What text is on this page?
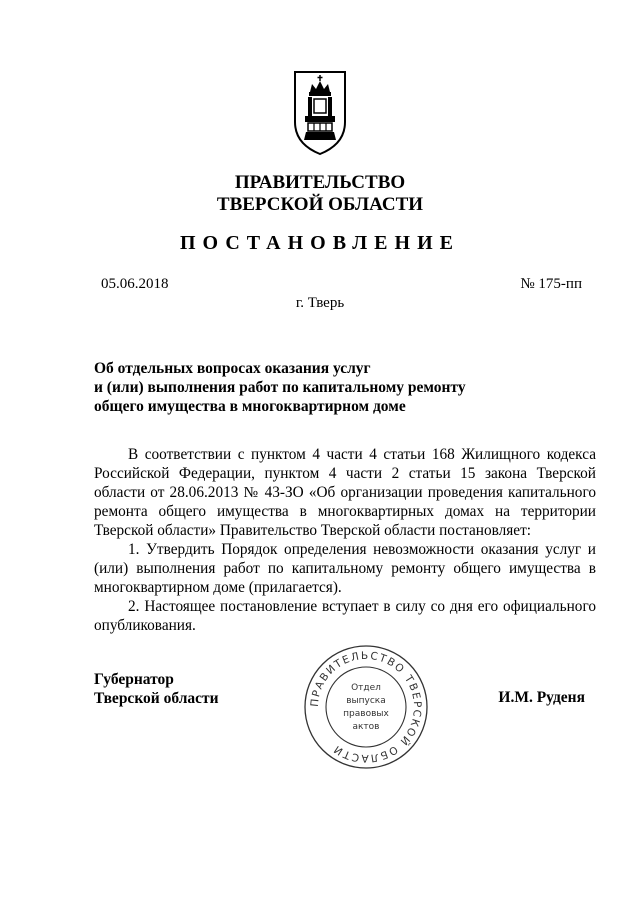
ПРАВИТЕЛЬСТВО
ТВЕРСКОЙ ОБЛАСТИ
ПОСТАНОВЛЕНИЕ
05.06.2018	№ 175-пп
г. Тверь
Об отдельных вопросах оказания услуг
и (или) выполнения работ по капитальному ремонту
общего имущества в многоквартирном доме

В соответствии с пунктом 4 части 4 статьи 168 Жилищного кодекса Российской Федерации, пунктом 4 части 2 статьи 15 закона Тверской области от 28.06.2013 № 43-ЗО «Об организации проведения капитального ремонта общего имущества в многоквартирных домах на территории Тверской области» Правительство Тверской области постановляет:

1. Утвердить Порядок определения невозможности оказания услуг и (или) выполнения работ по капитальному ремонту общего имущества в многоквартирном доме (прилагается).

2. Настоящее постановление вступает в силу со дня его официального опубликования.

Губернатор
Тверской области	ПРАВИТЕЛЬСТВО ТВЕРСКОЙ ОБЛАСТИ
Отдел
выпуска
правовых
актов
И.М. Руденя
